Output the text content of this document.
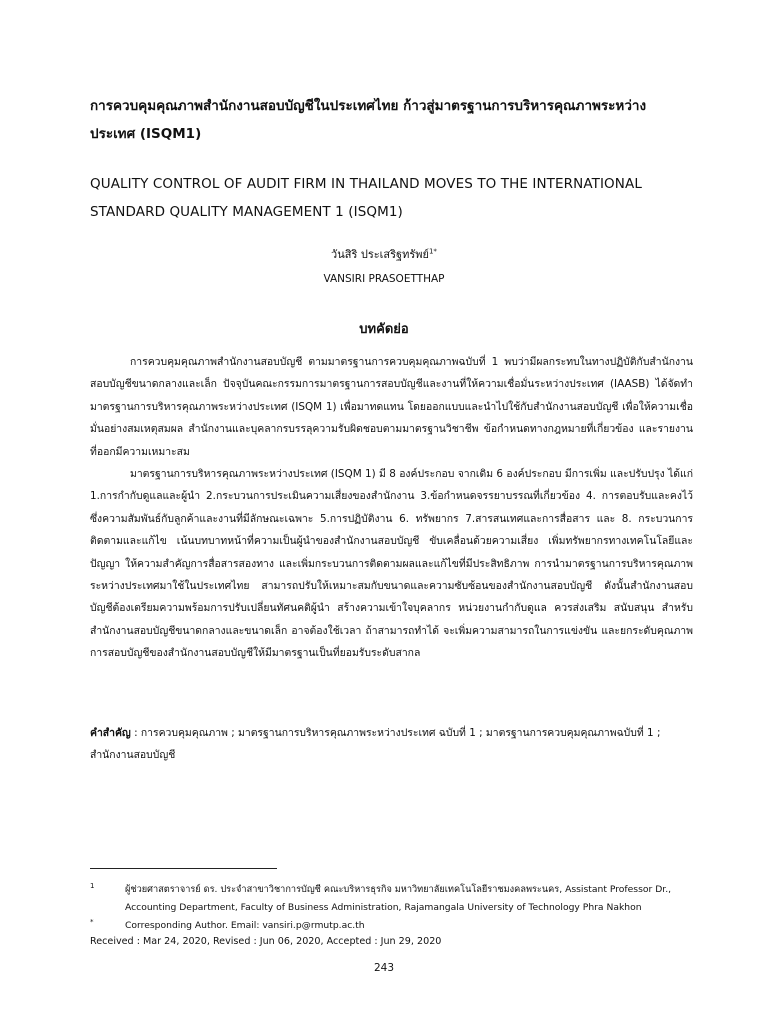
การควบคุมคุณภาพสำนักงานสอบบัญชีในประเทศไทย ก้าวสู่มาตรฐานการบริหารคุณภาพระหว่างประเทศ (ISQM1)
QUALITY CONTROL OF AUDIT FIRM IN THAILAND MOVES TO THE INTERNATIONAL STANDARD QUALITY MANAGEMENT 1 (ISQM1)
วันสิริ ประเสริฐทรัพย์$^{1*}$
VANSIRI PRASOETTHAP
บทคัดย่อ

การควบคุมคุณภาพสำนักงานสอบบัญชี ตามมาตรฐานการควบคุมคุณภาพฉบับที่ 1 พบว่ามีผลกระทบในทางปฏิบัติกับสำนักงานสอบบัญชีขนาดกลางและเล็ก ปัจจุบันคณะกรรมการมาตรฐานการสอบบัญชีและงานที่ให้ความเชื่อมั่นระหว่างประเทศ (IAASB) ได้จัดทำมาตรฐานการบริหารคุณภาพระหว่างประเทศ (ISQM 1) เพื่อมาทดแทน โดยออกแบบและนำไปใช้กับสำนักงานสอบบัญชี เพื่อให้ความเชื่อมั่นอย่างสมเหตุสมผล สำนักงานและบุคลากรบรรลุความรับผิดชอบตามมาตรฐานวิชาชีพ ข้อกำหนดทางกฎหมายที่เกี่ยวข้อง และรายงานที่ออกมีความเหมาะสม

มาตรฐานการบริหารคุณภาพระหว่างประเทศ (ISQM 1) มี 8 องค์ประกอบ จากเดิม 6 องค์ประกอบ มีการเพิ่ม และปรับปรุง ได้แก่ 1.การกำกับดูแลและผู้นำ 2.กระบวนการประเมินความเสี่ยงของสำนักงาน 3.ข้อกำหนดจรรยาบรรณที่เกี่ยวข้อง 4. การตอบรับและคงไว้ซึ่งความสัมพันธ์กับลูกค้าและงานที่มีลักษณะเฉพาะ 5.การปฏิบัติงาน 6. ทรัพยากร 7.สารสนเทศและการสื่อสาร และ 8. กระบวนการติดตามและแก้ไข เน้นบทบาทหน้าที่ความเป็นผู้นำของสำนักงานสอบบัญชี ขับเคลื่อนด้วยความเสี่ยง เพิ่มทรัพยากรทางเทคโนโลยีและปัญญา ให้ความสำคัญการสื่อสารสองทาง และเพิ่มกระบวนการติดตามผลและแก้ไขที่มีประสิทธิภาพ การนำมาตรฐานการบริหารคุณภาพระหว่างประเทศมาใช้ในประเทศไทย สามารถปรับให้เหมาะสมกับขนาดและความซับซ้อนของสำนักงานสอบบัญชี ดังนั้นสำนักงานสอบบัญชีต้องเตรียมความพร้อมการปรับเปลี่ยนทัศนคติผู้นำ สร้างความเข้าใจบุคลากร หน่วยงานกำกับดูแล ควรส่งเสริม สนับสนุน สำหรับสำนักงานสอบบัญชีขนาดกลางและขนาดเล็ก อาจต้องใช้เวลา ถ้าสามารถทำได้ จะเพิ่มความสามารถในการแข่งขัน และยกระดับคุณภาพการสอบบัญชีของสำนักงานสอบบัญชีให้มีมาตรฐานเป็นที่ยอมรับระดับสากล

คำสำคัญ : การควบคุมคุณภาพ ; มาตรฐานการบริหารคุณภาพระหว่างประเทศ ฉบับที่ 1 ; มาตรฐานการควบคุมคุณภาพฉบับที่ 1 ; สำนักงานสอบบัญชี

1	ผู้ช่วยศาสตราจารย์ ดร. ประจำสาขาวิชาการบัญชี คณะบริหารธุรกิจ มหาวิทยาลัยเทคโนโลยีราชมงคลพระนคร, Assistant Professor Dr.,
Accounting Department, Faculty of Business Administration, Rajamangala University of Technology Phra Nakhon
*	Corresponding Author. Email: vansiri.p@rmutp.ac.th
Received : Mar 24, 2020, Revised : Jun 06, 2020, Accepted : Jun 29, 2020
243
